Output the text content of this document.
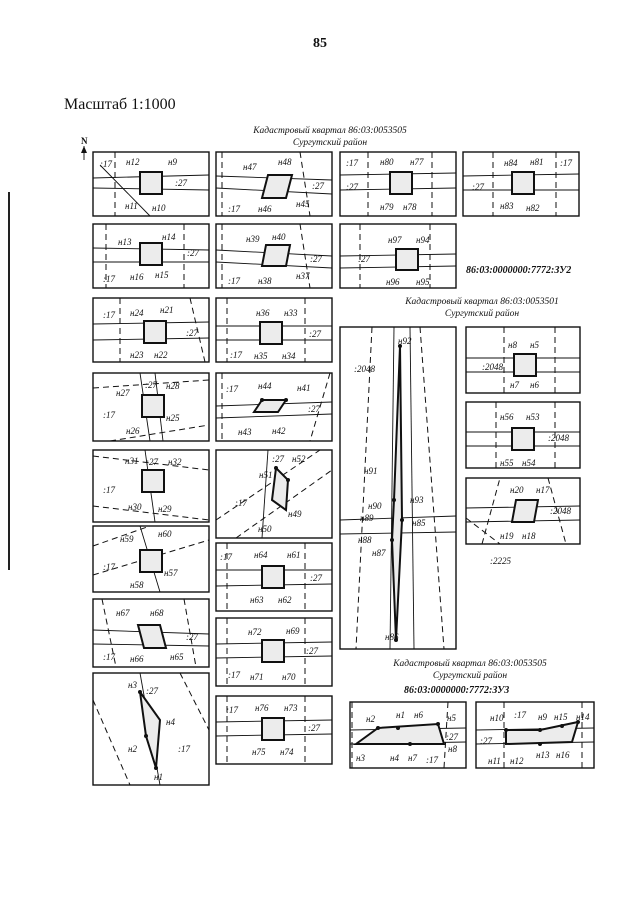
85
Масштаб 1:1000
N
Кадастровый квартал 86:03:0053505
Сургутский район
Кадастровый квартал 86:03:0053501
Сургутский район
Кадастровый квартал 86:03:0053505
Сургутский район
86:03:0000000:7772:ЗУ2
86:03:0000000:7772:ЗУ3
:17 н12	н9
:27
н11 н10
н47 н48
:27
:17 н46	н45
:17 н80 н77
:27
н79 н78
н84 н81 :17
:27
н83 н82
н13	н14
:27
:17 н16 н15
н39 н40
:27
:17 н38	н37
н97 н94
:27
н96 н95
:17 н24 н21
:27
н23 н22
н36 н33
:27
:17 н35 н34
н27
:27 н28
:17	н25
н26
:17 н44	н41
:27
н43 н42
н31 :27 н32
:17
н30 н29
:27 н52
н51
:17
н49
н50
н59	н60
:17
н57
н58
:17 н64 н61
:27
н63 н62
н67 н68
:27
:17 н66	н65
н72	н69
:27
:17 н71 н70
н3
:27
н4
н2	:17
н1
:17 н76 н73
:27
н75 н74
н92
:2048
н91
н93
н90
н89	н85
н88
н87
н86
н8 н5
:2048
н7 н6
н56 н53
:2048
н55 н54
н20 н17
:2048
н19 н18
:2225
н2 н1 н6	н5
:27
н3	н4 н7 :17
н8
н10 :17 н9 н15 н14
:27
н11 н12
н13 н16
